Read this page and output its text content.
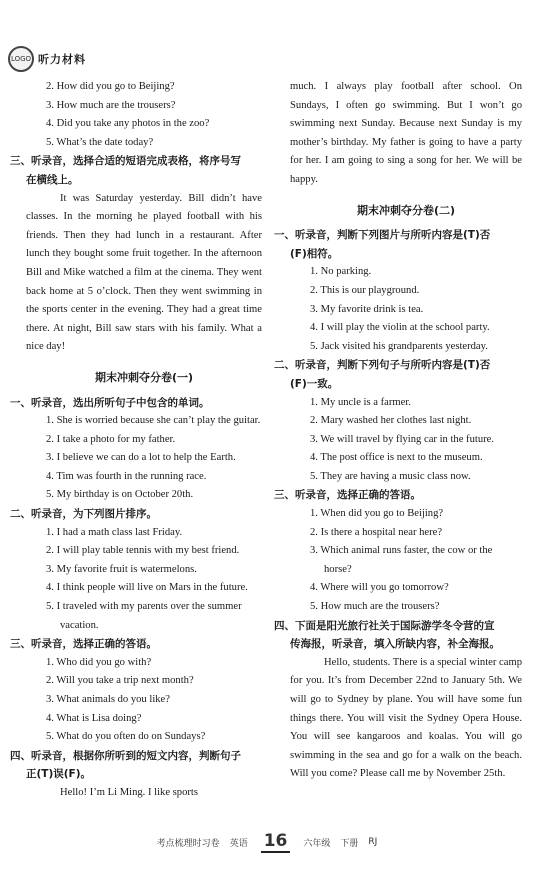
LOGO 听力材料
2. How did you go to Beijing?
3. How much are the trousers?
4. Did you take any photos in the zoo?
5. What’s the date today?
三、听录音，选择合适的短语完成表格，将序号写
在横线上。
It was Saturday yesterday. Bill didn’t have classes. In the morning he played football with his friends. Then they had lunch in a restaurant. After lunch they bought some fruit together. In the afternoon Bill and Mike watched a film at the cinema. They went back home at 5 o’clock. Then they went swimming in the sports center in the evening. They had a great time there. At night, Bill saw stars with his family. What a nice day!
期末冲刺夺分卷(一)
一、听录音，选出所听句子中包含的单词。
1. She is worried because she can’t play the guitar.
2. I take a photo for my father.
3. I believe we can do a lot to help the Earth.
4. Tim was fourth in the running race.
5. My birthday is on October 20th.
二、听录音，为下列图片排序。
1. I had a math class last Friday.
2. I will play table tennis with my best friend.
3. My favorite fruit is watermelons.
4. I think people will live on Mars in the future.
5. I traveled with my parents over the summer vacation.
三、听录音，选择正确的答语。
1. Who did you go with?
2. Will you take a trip next month?
3. What animals do you like?
4. What is Lisa doing?
5. What do you often do on Sundays?
四、听录音，根据你所听到的短文内容，判断句子
正(T)误(F)。
Hello! I’m Li Ming. I like sports
much. I always play football after school. On Sundays, I often go swimming. But I won’t go swimming next Sunday. Because next Sunday is my mother’s birthday. My father is going to have a party for her. I am going to sing a song for her. We will be happy.
期末冲刺夺分卷(二)
一、听录音，判断下列图片与所听内容是(T)否
(F)相符。
1. No parking.
2. This is our playground.
3. My favorite drink is tea.
4. I will play the violin at the school party.
5. Jack visited his grandparents yesterday.
二、听录音，判断下列句子与所听内容是(T)否
(F)一致。
1. My uncle is a farmer.
2. Mary washed her clothes last night.
3. We will travel by flying car in the future.
4. The post office is next to the museum.
5. They are having a music class now.
三、听录音，选择正确的答语。
1. When did you go to Beijing?
2. Is there a hospital near here?
3. Which animal runs faster, the cow or the horse?
4. Where will you go tomorrow?
5. How much are the trousers?
四、下面是阳光旅行社关于国际游学冬令营的宣
传海报，听录音，填入所缺内容，补全海报。
Hello, students. There is a special winter camp for you. It’s from December 22nd to January 5th. We will go to Sydney by plane. You will have some fun things there. You will visit the Sydney Opera House. You will see kangaroos and koalas. You will go swimming in the sea and go for a walk on the beach. Will you come? Please call me by November 25th.
考点梳理时习卷 英语 16	六年级 下册 RJ
